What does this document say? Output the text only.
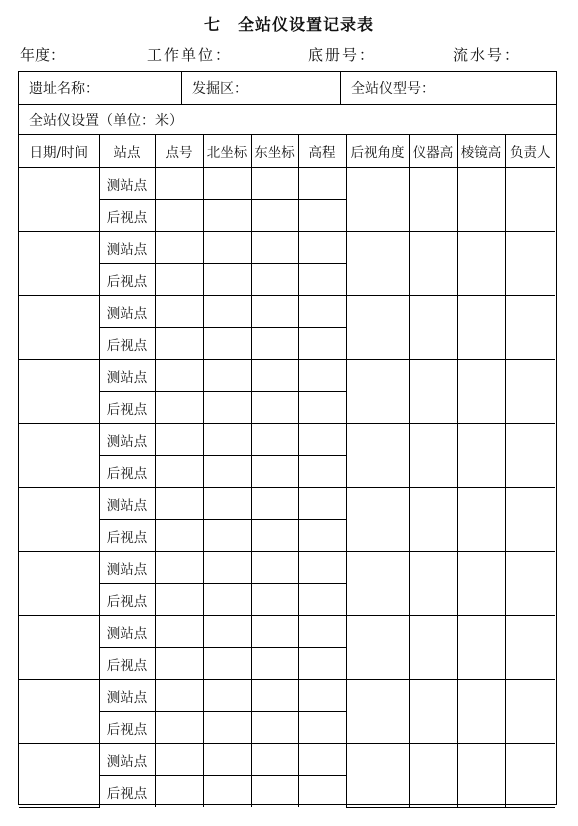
七　全站仪设置记录表
年度：	工作单位：	底册号：	流水号：
遗址名称：	发掘区：	全站仪型号：
全站仪设置（单位：米）
日期/时间	站点	点号	北坐标	东坐标	高程	后视角度	仪器高	棱镜高	负责人
	测站点								
	后视点								
	测站点								
	后视点								
	测站点								
	后视点								
	测站点								
	后视点								
	测站点								
	后视点								
	测站点								
	后视点								
	测站点								
	后视点								
	测站点								
	后视点								
	测站点								
	后视点								
	测站点								
	后视点								
